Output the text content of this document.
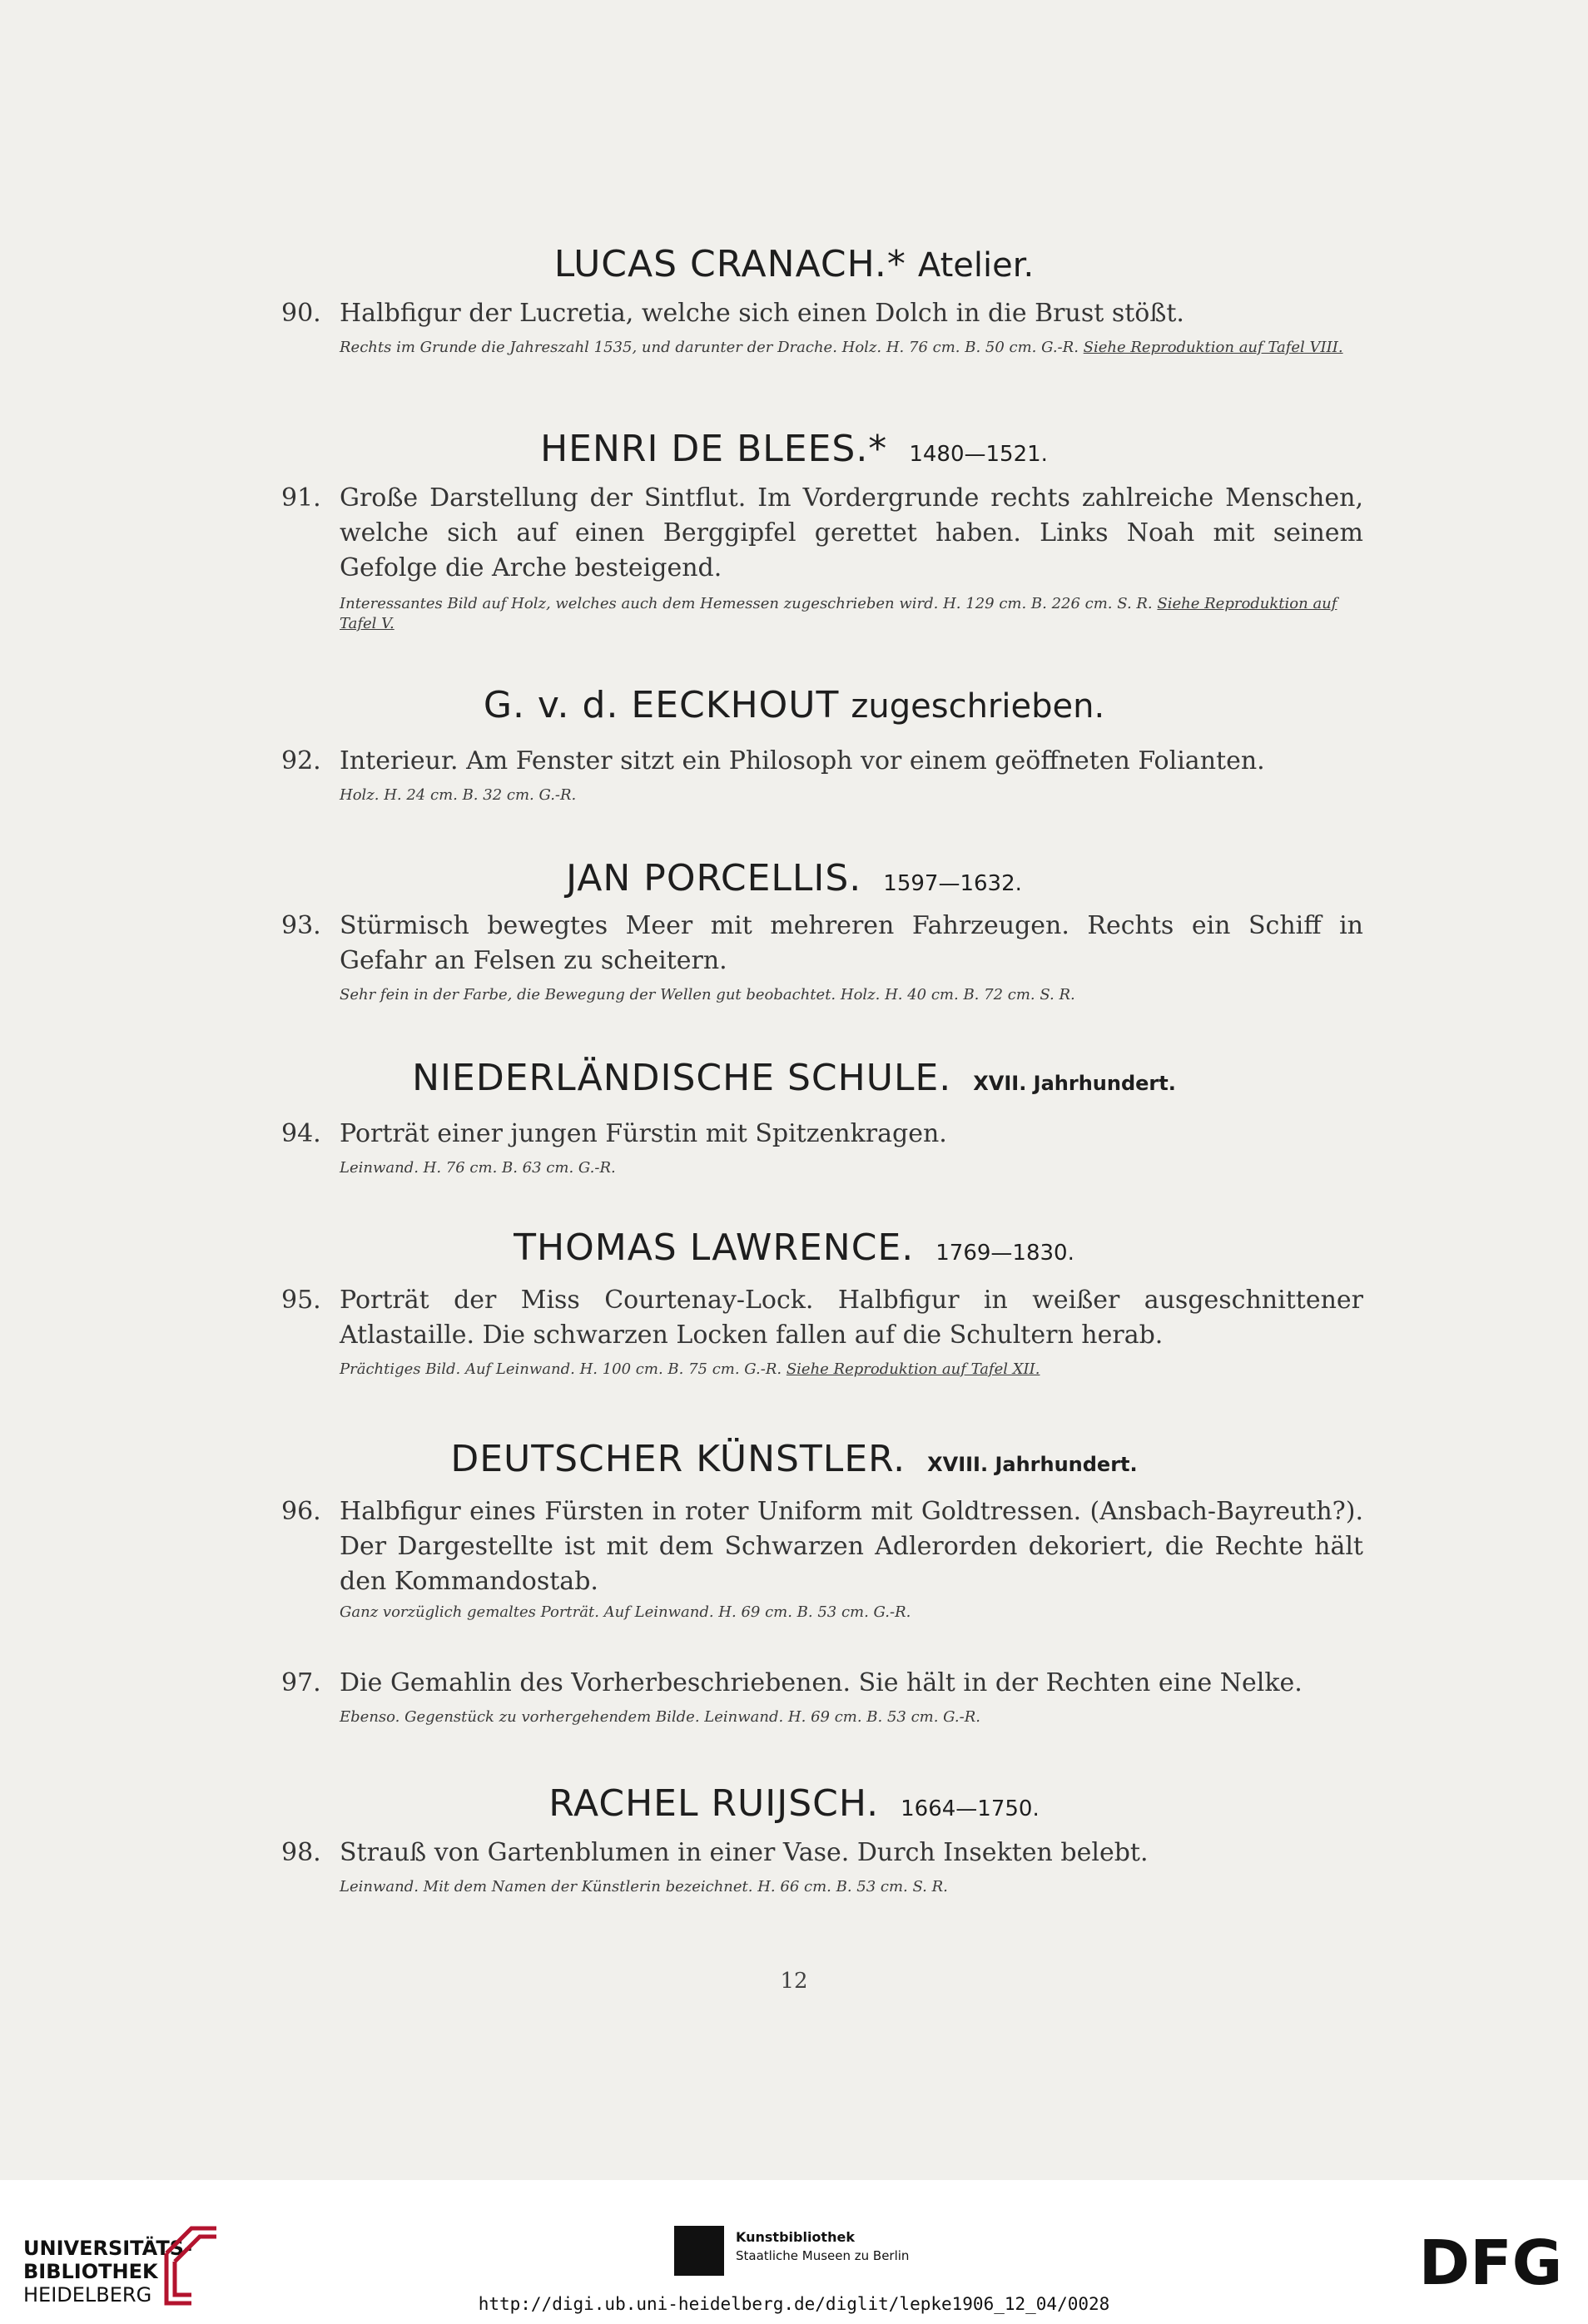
LUCAS CRANACH.* Atelier.
90. Halbfigur der Lucretia, welche sich einen Dolch in die Brust stößt.
Rechts im Grunde die Jahreszahl 1535, und darunter der Drache. Holz. H. 76 cm. B. 50 cm. G.-R. Siehe Reproduktion auf Tafel VIII.
HENRI DE BLEES.* 1480—1521.
91. Große Darstellung der Sintflut. Im Vordergrunde rechts zahlreiche Menschen, welche sich auf einen Berggipfel gerettet haben. Links Noah mit seinem Gefolge die Arche besteigend.
Interessantes Bild auf Holz, welches auch dem Hemessen zugeschrieben wird. H. 129 cm. B. 226 cm. S. R. Siehe Reproduktion auf Tafel V.
G. v. d. EECKHOUT zugeschrieben.
92. Interieur. Am Fenster sitzt ein Philosoph vor einem geöffneten Folianten.
Holz. H. 24 cm. B. 32 cm. G.-R.
JAN PORCELLIS. 1597—1632.
93. Stürmisch bewegtes Meer mit mehreren Fahrzeugen. Rechts ein Schiff in Gefahr an Felsen zu scheitern.
Sehr fein in der Farbe, die Bewegung der Wellen gut beobachtet. Holz. H. 40 cm. B. 72 cm. S. R.
NIEDERLÄNDISCHE SCHULE. XVII. Jahrhundert.
94. Porträt einer jungen Fürstin mit Spitzenkragen.
Leinwand. H. 76 cm. B. 63 cm. G.-R.
THOMAS LAWRENCE. 1769—1830.
95. Porträt der Miss Courtenay-Lock. Halbfigur in weißer ausgeschnittener Atlastaille. Die schwarzen Locken fallen auf die Schultern herab.
Prächtiges Bild. Auf Leinwand. H. 100 cm. B. 75 cm. G.-R. Siehe Reproduktion auf Tafel XII.
DEUTSCHER KÜNSTLER. XVIII. Jahrhundert.
96. Halbfigur eines Fürsten in roter Uniform mit Goldtressen. (Ansbach-Bayreuth?). Der Dargestellte ist mit dem Schwarzen Adlerorden dekoriert, die Rechte hält den Kommandostab.
Ganz vorzüglich gemaltes Porträt. Auf Leinwand. H. 69 cm. B. 53 cm. G.-R.
97. Die Gemahlin des Vorherbeschriebenen. Sie hält in der Rechten eine Nelke.
Ebenso. Gegenstück zu vorhergehendem Bilde. Leinwand. H. 69 cm. B. 53 cm. G.-R.
RACHEL RUIJSCH. 1664—1750.
98. Strauß von Gartenblumen in einer Vase. Durch Insekten belebt.
Leinwand. Mit dem Namen der Künstlerin bezeichnet. H. 66 cm. B. 53 cm. S. R.
12
UNIVERSITÄTS-
BIBLIOTHEK
HEIDELBERG
Kunstbibliothek
Staatliche Museen zu Berlin	DFG
http://digi.ub.uni-heidelberg.de/diglit/lepke1906_12_04/0028
